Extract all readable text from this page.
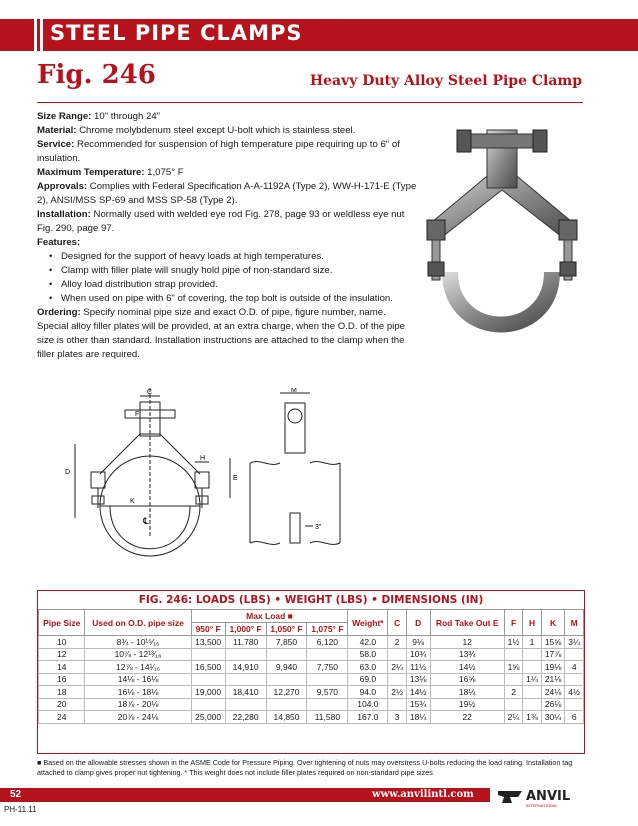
STEEL PIPE CLAMPS
Fig. 246	Heavy Duty Alloy Steel Pipe Clamp

Size Range: 10" through 24"

Material: Chrome molybdenum steel except U-bolt which is stainless steel.

Service: Recommended for suspension of high temperature pipe requiring up to 6" of insulation.

Maximum Temperature: 1,075° F

Approvals: Complies with Federal Specification A-A-1192A (Type 2), WW-H-171-E (Type 2), ANSI/MSS SP-69 and MSS SP-58 (Type 2).

Installation: Normally used with welded eye rod Fig. 278, page 93 or weldless eye nut Fig. 290, page 97.

Features:

• Designed for the support of heavy loads at high temperatures.
• Clamp with filler plate will snugly hold pipe of non-standard size.
• Alloy load distribution strap provided.
• When used on pipe with 6" of covering, the top bolt is outside of the insulation.

Ordering: Specify nominal pipe size and exact O.D. of pipe, figure number, name. Special alloy filler plates will be provided, at an extra charge, when the O.D. of the pipe size is other than standard. Installation instructions are attached to the clamp when the filler plates are required.

C
F
D
H
E
K
℄
M
3"
FIG. 246: LOADS (LBS) • WEIGHT (LBS) • DIMENSIONS (IN)
Pipe Size	Used on O.D. pipe size	Max Load ■				Weight*	C	D	Rod Take Out E	F	H	K	M
		950° F	1,000° F	1,050° F	1,075° F								
10	8¾ - 10¹⁵⁄₁₆	13,500	11,780	7,850	6,120	42.0	2	9⅛	12	1½	1	15⅝	3¼
12	10⅞ - 12¹³⁄₁₆					58.0		10¾	13¾			17⅞	
14	12⅞ - 14¹⁄₁₆	16,500	14,910	9,940	7,750	63.0	2¼	11½	14½	1⅝		19⅛	4
16	14⅛ - 16⅛					69.0		13⅛	16⅝		1¼	21⅛	
18	16⅛ - 18⅛	19,000	18,410	12,270	9,570	94.0	2½	14½	18¼	2		24⅛	4½
20	18⅞ - 20⅛					104.0		15¾	19½			26⅛	
24	20⅞ - 24⅛	25,000	22,280	14,850	11,580	167.0	3	18¼	22	2¼	1⅜	30¼	6
■ Based on the allowable stresses shown in the ASME Code for Pressure Piping. Over tightening of nuts may overstress U-bolts reducing the load rating. Installation tag attached to clamp gives proper nut tightening. * This weight does not include filler plates required on non-standard pipe sizes
52	www.anvilintl.com
PH-11.11
ANVIL
INTERNATIONAL
